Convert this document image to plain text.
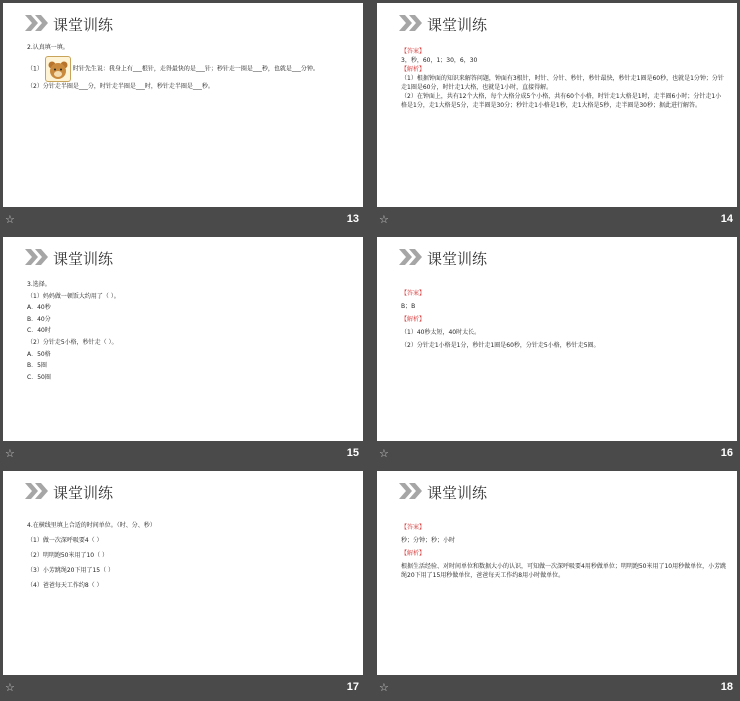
课堂训练

2.认真填一填。

（1）	时针先生说：我身上有___根针，走得最快的是___针；秒针走一圈是___秒，也就是___分钟。

（2）分针走半圈是___分，时针走半圈是___时，秒针走半圈是___秒。

☆	13
课堂训练

【答案】

3，秒，60，1；30，6，30

【解析】

（1）根据钟面的知识来解答问题，钟面有3根针，时针、分针、秒针，秒针最快，秒针走1圈是60秒，也就是1分钟；分针走1圈是60分，时针走1大格，也就是1小时，直接得解。

（2）在钟面上，共有12个大格，每个大格分成5个小格，共有60个小格，时针走1大格是1时，走半圈6小时；分针走1小格是1分，走1大格是5分，走半圈是30分；秒针走1小格是1秒，走1大格是5秒，走半圈是30秒；据此进行解答。

☆	14
课堂训练

3.选择。

（1）妈妈做一顿饭大约用了（ ）。

A．40秒

B．40分

C．40时

（2）分针走5小格，秒针走（ ）。

A．50格

B．5圈

C．50圈

☆	15
课堂训练

【答案】

B；B

【解析】

（1）40秒太短，40时太长。

（2）分针走1小格是1分，秒针走1圈是60秒，分针走5小格，秒针走5圈。

☆	16
课堂训练

4.在横线里填上合适的时间单位。（时、分、秒）

（1）做一次深呼吸要4（ ）

（2）明明跑50米用了10（ ）

（3）小芳跳绳20下用了15（ ）

（4）爸爸每天工作约8（ ）

☆	17
课堂训练

【答案】

秒；分钟；秒；小时

【解析】

根据生活经验、对时间单位和数据大小的认识，可知做一次深呼吸要4用秒做单位；明明跑50米用了10用秒做单位，小芳跳绳20下用了15用秒做单位，爸爸每天工作约8用小时做单位。

☆	18
